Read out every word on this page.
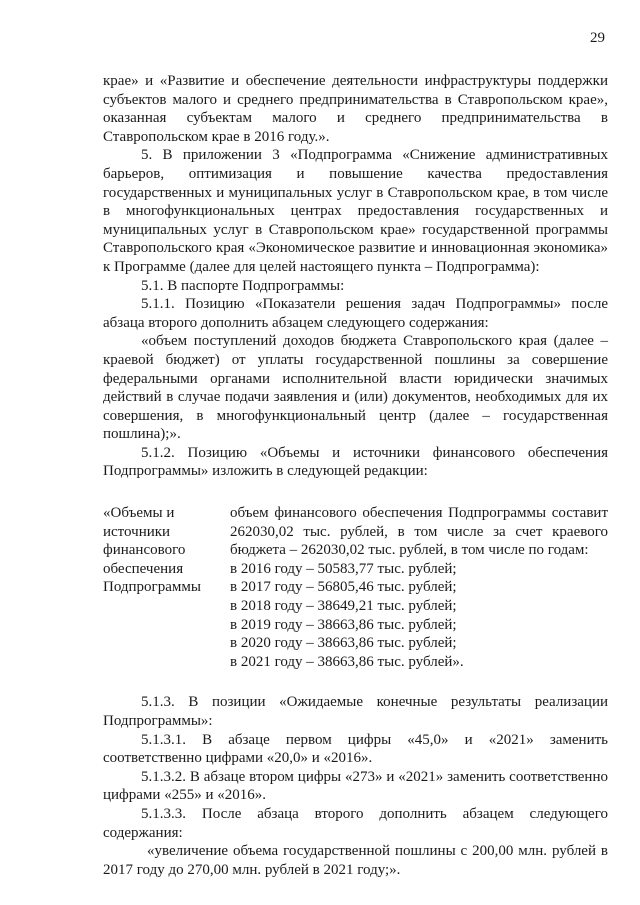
29

крае» и «Развитие и обеспечение деятельности инфраструктуры поддержки субъектов малого и среднего предпринимательства в Ставропольском крае», оказанная субъектам малого и среднего предпринимательства в Ставропольском крае в 2016 году.».

5. В приложении 3 «Подпрограмма «Снижение административных барьеров, оптимизация и повышение качества предоставления государственных и муниципальных услуг в Ставропольском крае, в том числе в многофункциональных центрах предоставления государственных и муниципальных услуг в Ставропольском крае» государственной программы Ставропольского края «Экономическое развитие и инновационная экономика» к Программе (далее для целей настоящего пункта – Подпрограмма):

5.1. В паспорте Подпрограммы:

5.1.1. Позицию «Показатели решения задач Подпрограммы» после абзаца второго дополнить абзацем следующего содержания:

«объем поступлений доходов бюджета Ставропольского края (далее – краевой бюджет) от уплаты государственной пошлины за совершение федеральными органами исполнительной власти юридически значимых действий в случае подачи заявления и (или) документов, необходимых для их совершения, в многофункциональный центр (далее – государственная пошлина);».

5.1.2. Позицию «Объемы и источники финансового обеспечения Подпрограммы» изложить в следующей редакции:

«Объемы и
источники
финансового
обеспечения
Подпрограммы
объем финансового обеспечения Подпрограммы составит 262030,02 тыс. рублей, в том числе за счет краевого бюджета – 262030,02 тыс. рублей, в том числе по годам:
в 2016 году – 50583,77 тыс. рублей;
в 2017 году – 56805,46 тыс. рублей;
в 2018 году – 38649,21 тыс. рублей;
в 2019 году – 38663,86 тыс. рублей;
в 2020 году – 38663,86 тыс. рублей;
в 2021 году – 38663,86 тыс. рублей».

5.1.3. В позиции «Ожидаемые конечные результаты реализации Подпрограммы»:

5.1.3.1. В абзаце первом цифры «45,0» и «2021» заменить соответственно цифрами «20,0» и «2016».

5.1.3.2. В абзаце втором цифры «273» и «2021» заменить соответственно цифрами «255» и «2016».

5.1.3.3. После абзаца второго дополнить абзацем следующего содержания:

«увеличение объема государственной пошлины с 200,00 млн. рублей в 2017 году до 270,00 млн. рублей в 2021 году;».
